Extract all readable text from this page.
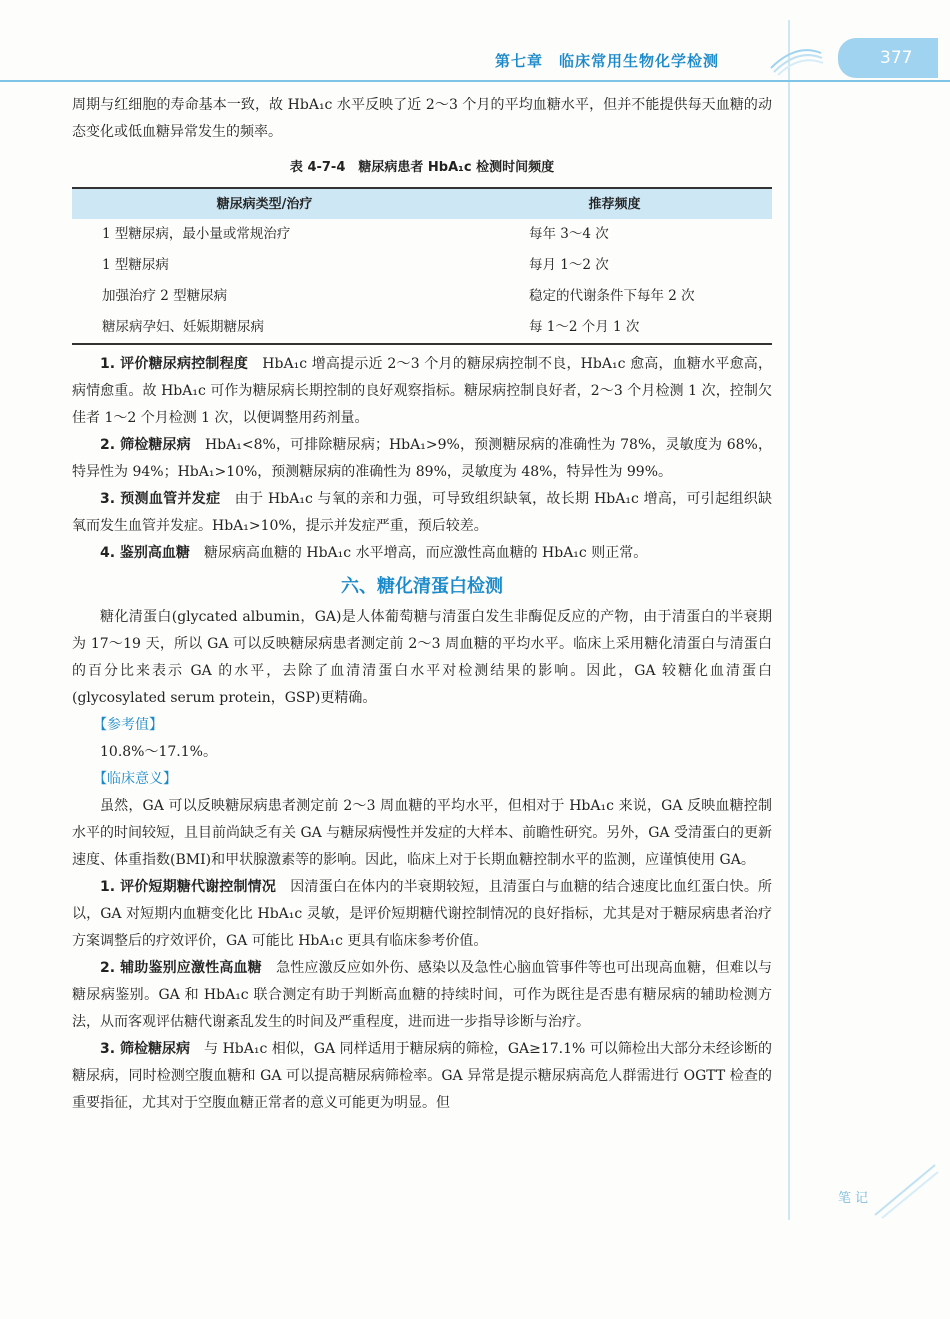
第七章　临床常用生物化学检测	377

周期与红细胞的寿命基本一致，故 HbA₁c 水平反映了近 2～3 个月的平均血糖水平，但并不能提供每天血糖的动态变化或低血糖异常发生的频率。

表 4-7-4　糖尿病患者 HbA₁c 检测时间频度
糖尿病类型/治疗	推荐频度
1 型糖尿病，最小量或常规治疗	每年 3～4 次
1 型糖尿病	每月 1～2 次
加强治疗 2 型糖尿病	稳定的代谢条件下每年 2 次
糖尿病孕妇、妊娠期糖尿病	每 1～2 个月 1 次

1. 评价糖尿病控制程度　 HbA₁c 增高提示近 2～3 个月的糖尿病控制不良，HbA₁c 愈高，血糖水平愈高，病情愈重。故 HbA₁c 可作为糖尿病长期控制的良好观察指标。糖尿病控制良好者，2～3 个月检测 1 次，控制欠佳者 1～2 个月检测 1 次，以便调整用药剂量。

2. 筛检糖尿病　 HbA₁<8%，可排除糖尿病；HbA₁>9%，预测糖尿病的准确性为 78%，灵敏度为 68%，特异性为 94%；HbA₁>10%，预测糖尿病的准确性为 89%，灵敏度为 48%，特异性为 99%。

3. 预测血管并发症　 由于 HbA₁c 与氧的亲和力强，可导致组织缺氧，故长期 HbA₁c 增高，可引起组织缺氧而发生血管并发症。HbA₁>10%，提示并发症严重，预后较差。

4. 鉴别高血糖　 糖尿病高血糖的 HbA₁c 水平增高，而应激性高血糖的 HbA₁c 则正常。

六、糖化清蛋白检测

糖化清蛋白(glycated albumin，GA)是人体葡萄糖与清蛋白发生非酶促反应的产物，由于清蛋白的半衰期为 17～19 天，所以 GA 可以反映糖尿病患者测定前 2～3 周血糖的平均水平。临床上采用糖化清蛋白与清蛋白的百分比来表示 GA 的水平，去除了血清清蛋白水平对检测结果的影响。因此，GA 较糖化血清蛋白(glycosylated serum protein，GSP)更精确。

【参考值】

10.8%～17.1%。

【临床意义】

虽然，GA 可以反映糖尿病患者测定前 2～3 周血糖的平均水平，但相对于 HbA₁c 来说，GA 反映血糖控制水平的时间较短，且目前尚缺乏有关 GA 与糖尿病慢性并发症的大样本、前瞻性研究。另外，GA 受清蛋白的更新速度、体重指数(BMI)和甲状腺激素等的影响。因此，临床上对于长期血糖控制水平的监测，应谨慎使用 GA。

1. 评价短期糖代谢控制情况　 因清蛋白在体内的半衰期较短，且清蛋白与血糖的结合速度比血红蛋白快。所以，GA 对短期内血糖变化比 HbA₁c 灵敏，是评价短期糖代谢控制情况的良好指标，尤其是对于糖尿病患者治疗方案调整后的疗效评价，GA 可能比 HbA₁c 更具有临床参考价值。

2. 辅助鉴别应激性高血糖　 急性应激反应如外伤、感染以及急性心脑血管事件等也可出现高血糖，但难以与糖尿病鉴别。GA 和 HbA₁c 联合测定有助于判断高血糖的持续时间，可作为既往是否患有糖尿病的辅助检测方法，从而客观评估糖代谢紊乱发生的时间及严重程度，进而进一步指导诊断与治疗。

3. 筛检糖尿病　 与 HbA₁c 相似，GA 同样适用于糖尿病的筛检，GA≥17.1% 可以筛检出大部分未经诊断的糖尿病，同时检测空腹血糖和 GA 可以提高糖尿病筛检率。GA 异常是提示糖尿病高危人群需进行 OGTT 检查的重要指征，尤其对于空腹血糖正常者的意义可能更为明显。但

笔记
